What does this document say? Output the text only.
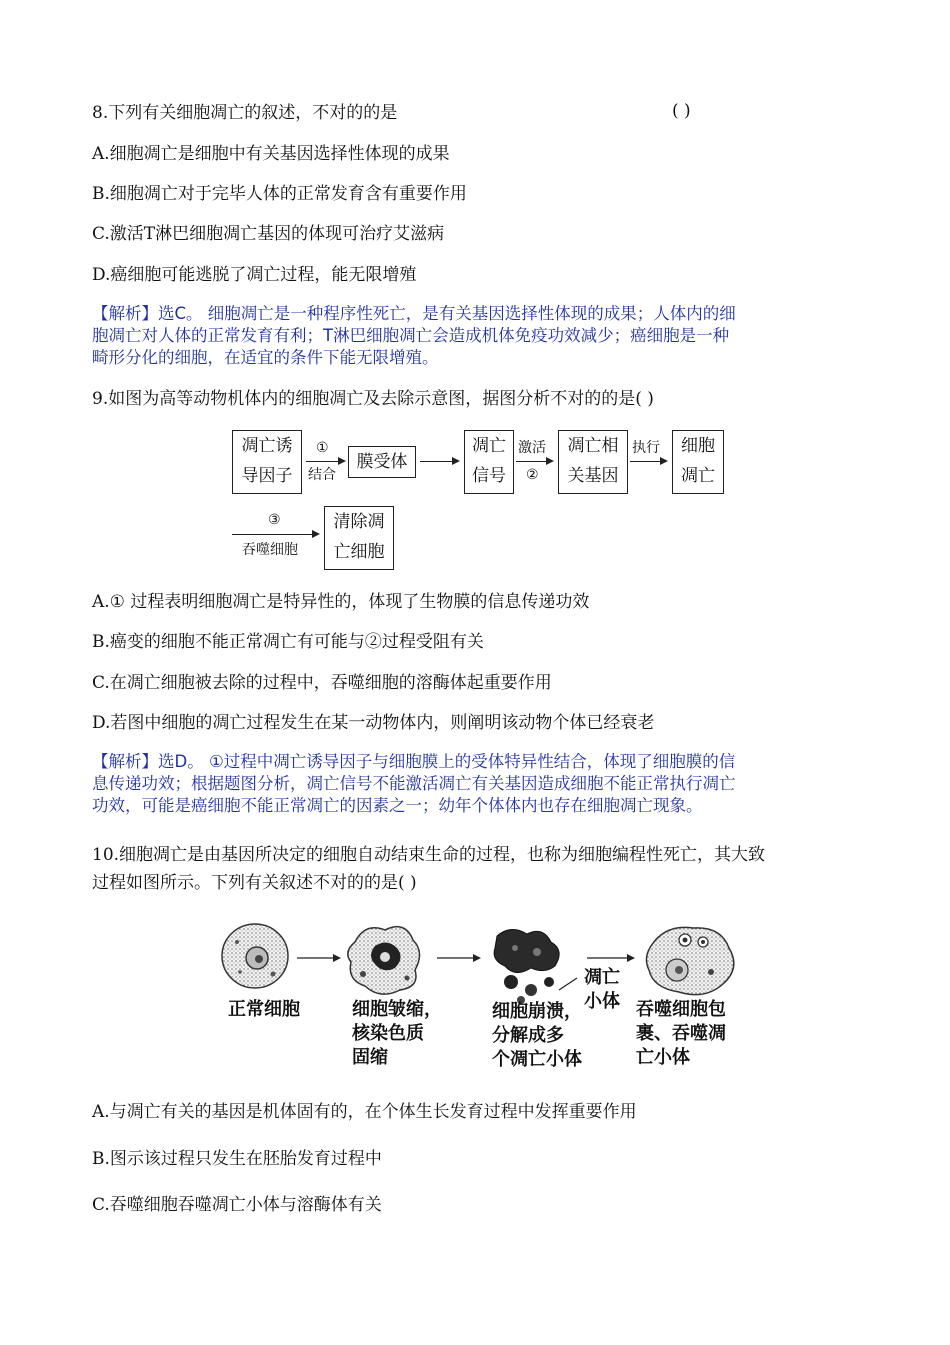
8.下列有关细胞凋亡的叙述，不对的的是	( )
A.细胞凋亡是细胞中有关基因选择性体现的成果
B.细胞凋亡对于完毕人体的正常发育含有重要作用
C.激活T淋巴细胞凋亡基因的体现可治疗艾滋病
D.癌细胞可能逃脱了凋亡过程，能无限增殖
【解析】选C。 细胞凋亡是一种程序性死亡，是有关基因选择性体现的成果；人体内的细
胞凋亡对人体的正常发育有利；T淋巴细胞凋亡会造成机体免疫功效减少；癌细胞是一种
畸形分化的细胞，在适宜的条件下能无限增殖。
9.如图为高等动物机体内的细胞凋亡及去除示意图，据图分析不对的的是( )
凋亡诱
导因子
①
结合
膜受体
凋亡
信号
激活
②
凋亡相
关基因
执行	细胞
凋亡
③
吞噬细胞
清除凋
亡细胞
A.① 过程表明细胞凋亡是特异性的，体现了生物膜的信息传递功效
B.癌变的细胞不能正常凋亡有可能与②过程受阻有关
C.在凋亡细胞被去除的过程中，吞噬细胞的溶酶体起重要作用
D.若图中细胞的凋亡过程发生在某一动物体内，则阐明该动物个体已经衰老
【解析】选D。 ①过程中凋亡诱导因子与细胞膜上的受体特异性结合，体现了细胞膜的信
息传递功效；根据题图分析，凋亡信号不能激活凋亡有关基因造成细胞不能正常执行凋亡
功效，可能是癌细胞不能正常凋亡的因素之一；幼年个体体内也存在细胞凋亡现象。
10.细胞凋亡是由基因所决定的细胞自动结束生命的过程，也称为细胞编程性死亡，其大致
过程如图所示。下列有关叙述不对的的是( )
正常细胞	细胞皱缩，
核染色质
固缩
细胞崩溃，
分解成多
个凋亡小体
凋亡
小体 吞噬细胞包
裹、吞噬凋
亡小体
A.与凋亡有关的基因是机体固有的，在个体生长发育过程中发挥重要作用
B.图示该过程只发生在胚胎发育过程中
C.吞噬细胞吞噬凋亡小体与溶酶体有关
